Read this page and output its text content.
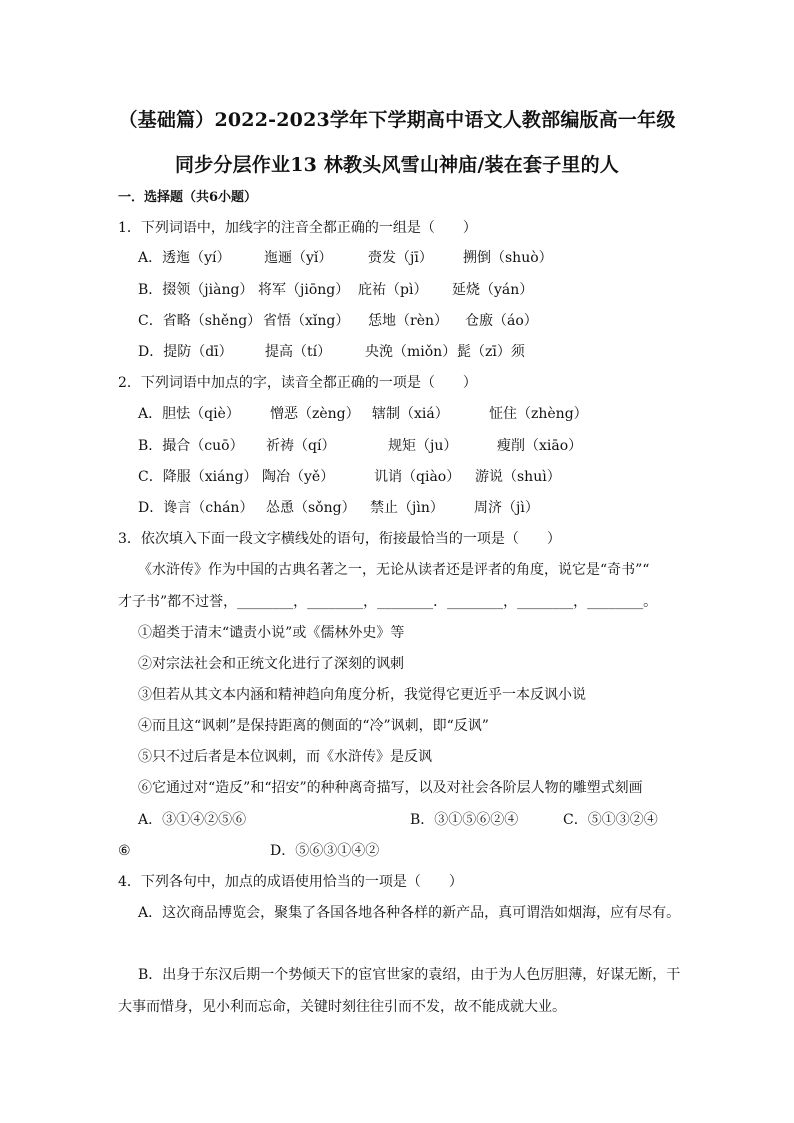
（基础篇）2022-2023学年下学期高中语文人教部编版高一年级
同步分层作业13 林教头风雪山神庙/装在套子里的人
一．选择题（共6小题）
1．下列词语中，加线字的注音全都正确的一组是（　　）
A．透迤（yí） 迤逦（yǐ）	赍发（jī） 搠倒（shuò）
B．掇领（jiàng） 将军（jiōng） 庇祐（pì） 延烧（yán）
C．省略（shěng） 省悟（xǐng） 恁地（rèn） 仓廒（áo）
D．提防（dī） 提高（tí） 央浼（miǒn） 髭（zī）须
2．下列词语中加点的字，读音全都正确的一项是（　　）
A．胆怯（qiè） 憎恶（zèng） 辖制（xiá）	怔住（zhèng）
B．撮合（cuō） 祈祷（qí）	规矩（ju）	瘦削（xiāo）
C．降服（xiáng） 陶冶（yě）	讥诮（qiào） 游说（shuì）
D．谗言（chán） 怂恿（sǒng） 禁止（jìn） 周济（jì）
3．依次填入下面一段文字横线处的语句，衔接最恰当的一项是（　　）
《水浒传》作为中国的古典名著之一，无论从读者还是评者的角度，说它是“奇书”“
才子书”都不过誉，________，________，________．________，________，________。
①超类于清末“谴责小说”或《儒林外史》等
②对宗法社会和正统文化进行了深刻的讽刺
③但若从其文本内涵和精神趋向角度分析，我觉得它更近乎一本反讽小说
④而且这“讽刺”是保持距离的侧面的“冷”讽刺，即“反讽”
⑤只不过后者是本位讽刺，而《水浒传》是反讽
⑥它通过对“造反”和“招安”的种种离奇描写，以及对社会各阶层人物的雕塑式刻画
A．③①④②⑤⑥	B．③①⑤⑥②④	C．⑤①③②④
⑥	D．⑤⑥③①④②
4．下列各句中，加点的成语使用恰当的一项是（　　）
A．这次商品博览会，聚集了各国各地各种各样的新产品，真可谓浩如烟海，应有尽有。
B．出身于东汉后期一个势倾天下的宦官世家的袁绍，由于为人色厉胆薄，好谋无断，干
大事而惜身，见小利而忘命，关键时刻往往引而不发，故不能成就大业。
